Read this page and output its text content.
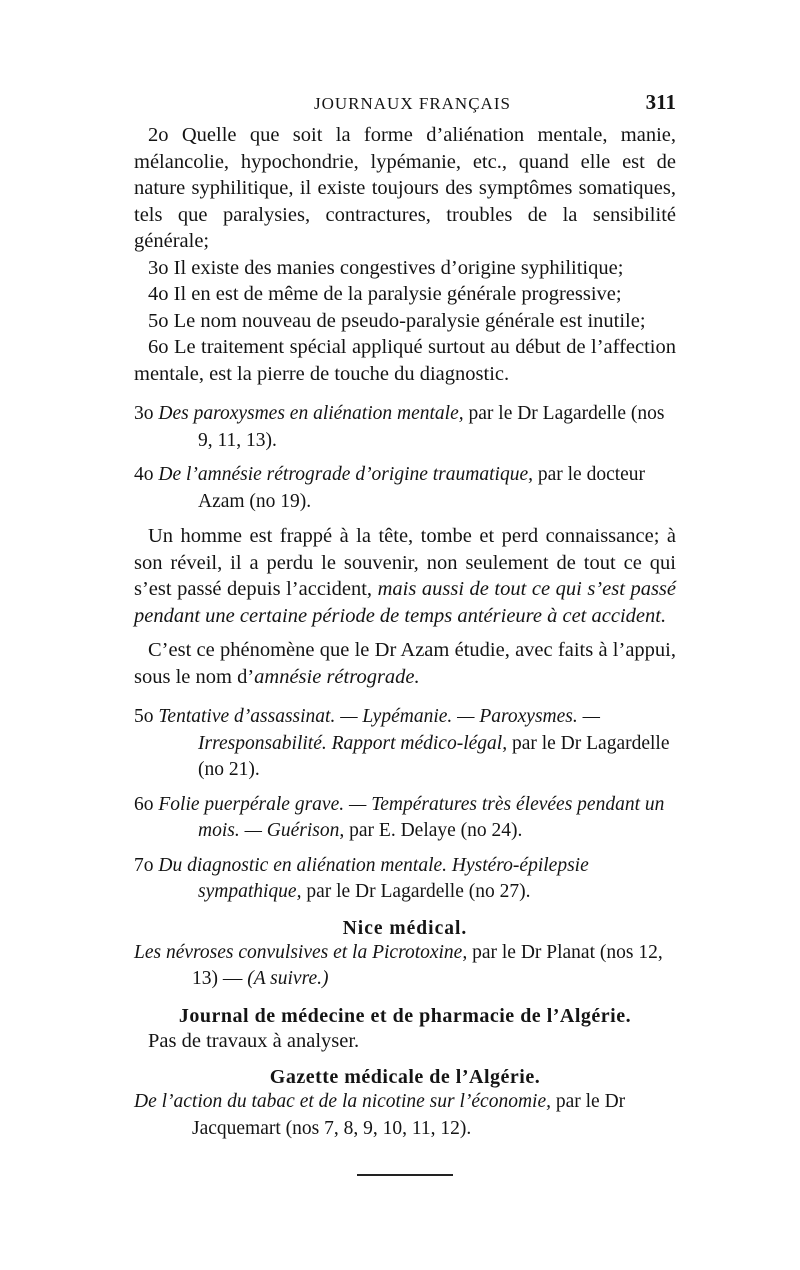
JOURNAUX FRANÇAIS	311

2o Quelle que soit la forme d’aliénation mentale, manie, mélancolie, hypochondrie, lypémanie, etc., quand elle est de nature syphilitique, il existe toujours des symptômes somatiques, tels que paralysies, contractures, troubles de la sensibilité générale;

3o Il existe des manies congestives d’origine syphilitique;

4o Il en est de même de la paralysie générale progressive;

5o Le nom nouveau de pseudo-paralysie générale est inutile;

6o Le traitement spécial appliqué surtout au début de l’affection mentale, est la pierre de touche du diagnostic.

3o Des paroxysmes en aliénation mentale, par le Dr Lagardelle (nos 9, 11, 13).

4o De l’amnésie rétrograde d’origine traumatique, par le docteur Azam (no 19).

Un homme est frappé à la tête, tombe et perd connaissance; à son réveil, il a perdu le souvenir, non seulement de tout ce qui s’est passé depuis l’accident, mais aussi de tout ce qui s’est passé pendant une certaine période de temps antérieure à cet accident.

C’est ce phénomène que le Dr Azam étudie, avec faits à l’appui, sous le nom d’amnésie rétrograde.

5o Tentative d’assassinat. — Lypémanie. — Paroxysmes. — Irresponsabilité. Rapport médico-légal, par le Dr Lagardelle (no 21).

6o Folie puerpérale grave. — Températures très élevées pendant un mois. — Guérison, par E. Delaye (no 24).

7o Du diagnostic en aliénation mentale. Hystéro-épilepsie sympathique, par le Dr Lagardelle (no 27).

Nice médical.

Les névroses convulsives et la Picrotoxine, par le Dr Planat (nos 12, 13) — (A suivre.)

Journal de médecine et de pharmacie de l’Algérie.

Pas de travaux à analyser.

Gazette médicale de l’Algérie.

De l’action du tabac et de la nicotine sur l’économie, par le Dr Jacquemart (nos 7, 8, 9, 10, 11, 12).
